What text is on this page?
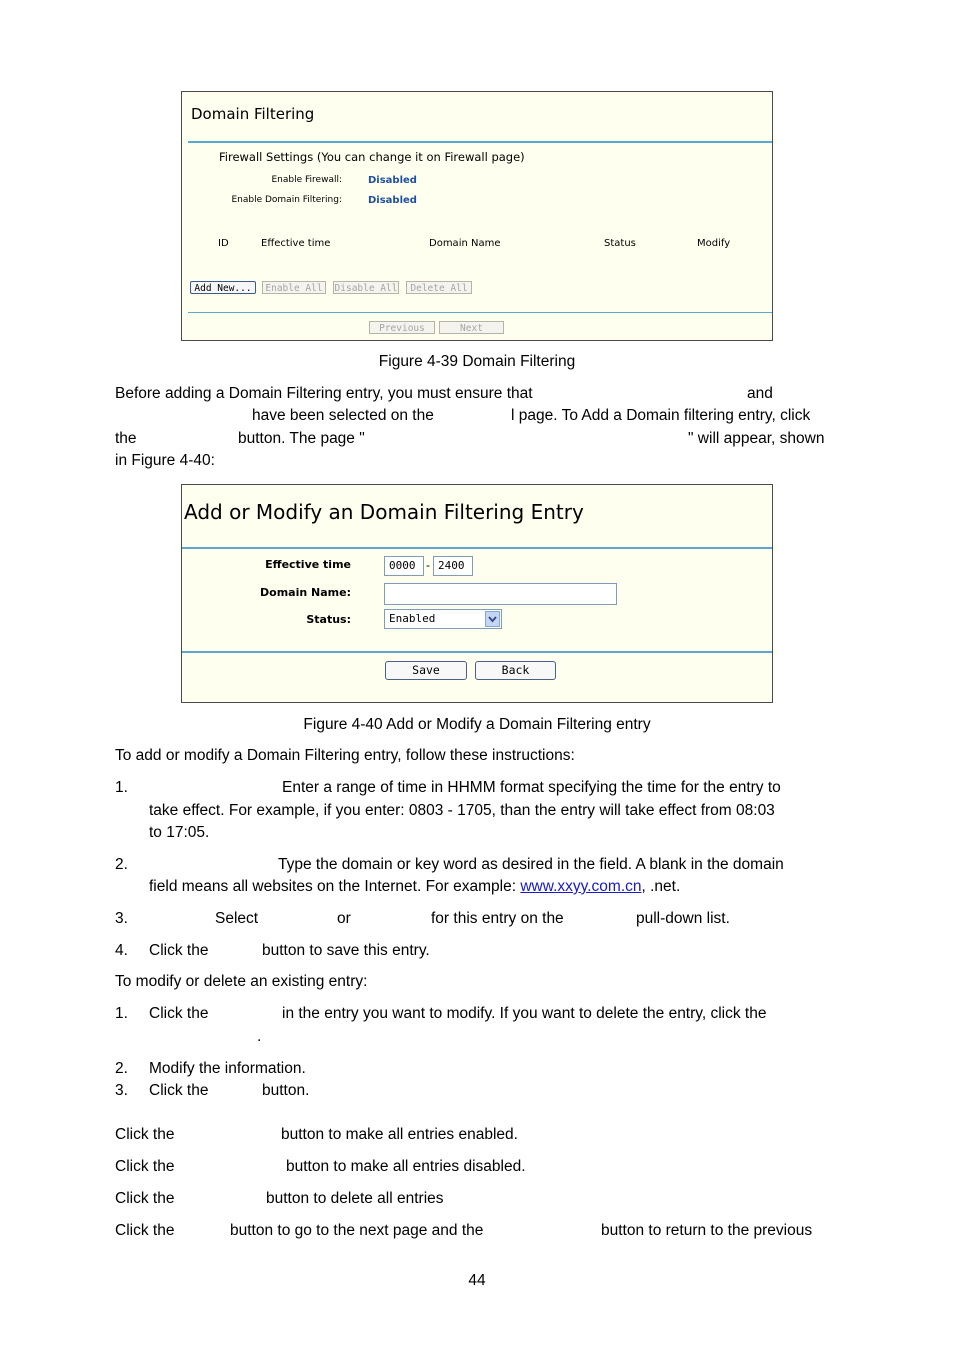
Domain Filtering
Firewall Settings (You can change it on Firewall page)
Enable Firewall:	Disabled
Enable Domain Filtering:	Disabled
ID	Effective time	Domain Name	Status	Modify
Add New...	Enable All	Disable All	Delete All
Previous	Next
Figure 4-39 Domain Filtering
Before adding a Domain Filtering entry, you must ensure that	and
have been selected on the	l page. To Add a Domain filtering entry, click
the	button. The page "	" will appear, shown
in Figure 4-40:
Add or Modify an Domain Filtering Entry
Effective time	0000 - 2400
Domain Name:
Status:	Enabled
Save	Back
Figure 4-40 Add or Modify a Domain Filtering entry
To add or modify a Domain Filtering entry, follow these instructions:
1.	Enter a range of time in HHMM format specifying the time for the entry to
take effect. For example, if you enter: 0803 - 1705, than the entry will take effect from 08:03
to 17:05.
2.	Type the domain or key word as desired in the field. A blank in the domain
field means all websites on the Internet. For example: www.xxyy.com.cn, .net.
3.	Select	or	for this entry on the	pull-down list.
4. Click the	button to save this entry.
To modify or delete an existing entry:
1. Click the	in the entry you want to modify. If you want to delete the entry, click the
.
2. Modify the information.
3. Click the	button.
Click the	button to make all entries enabled.
Click the	button to make all entries disabled.
Click the	button to delete all entries
Click the	button to go to the next page and the	button to return to the previous
44
